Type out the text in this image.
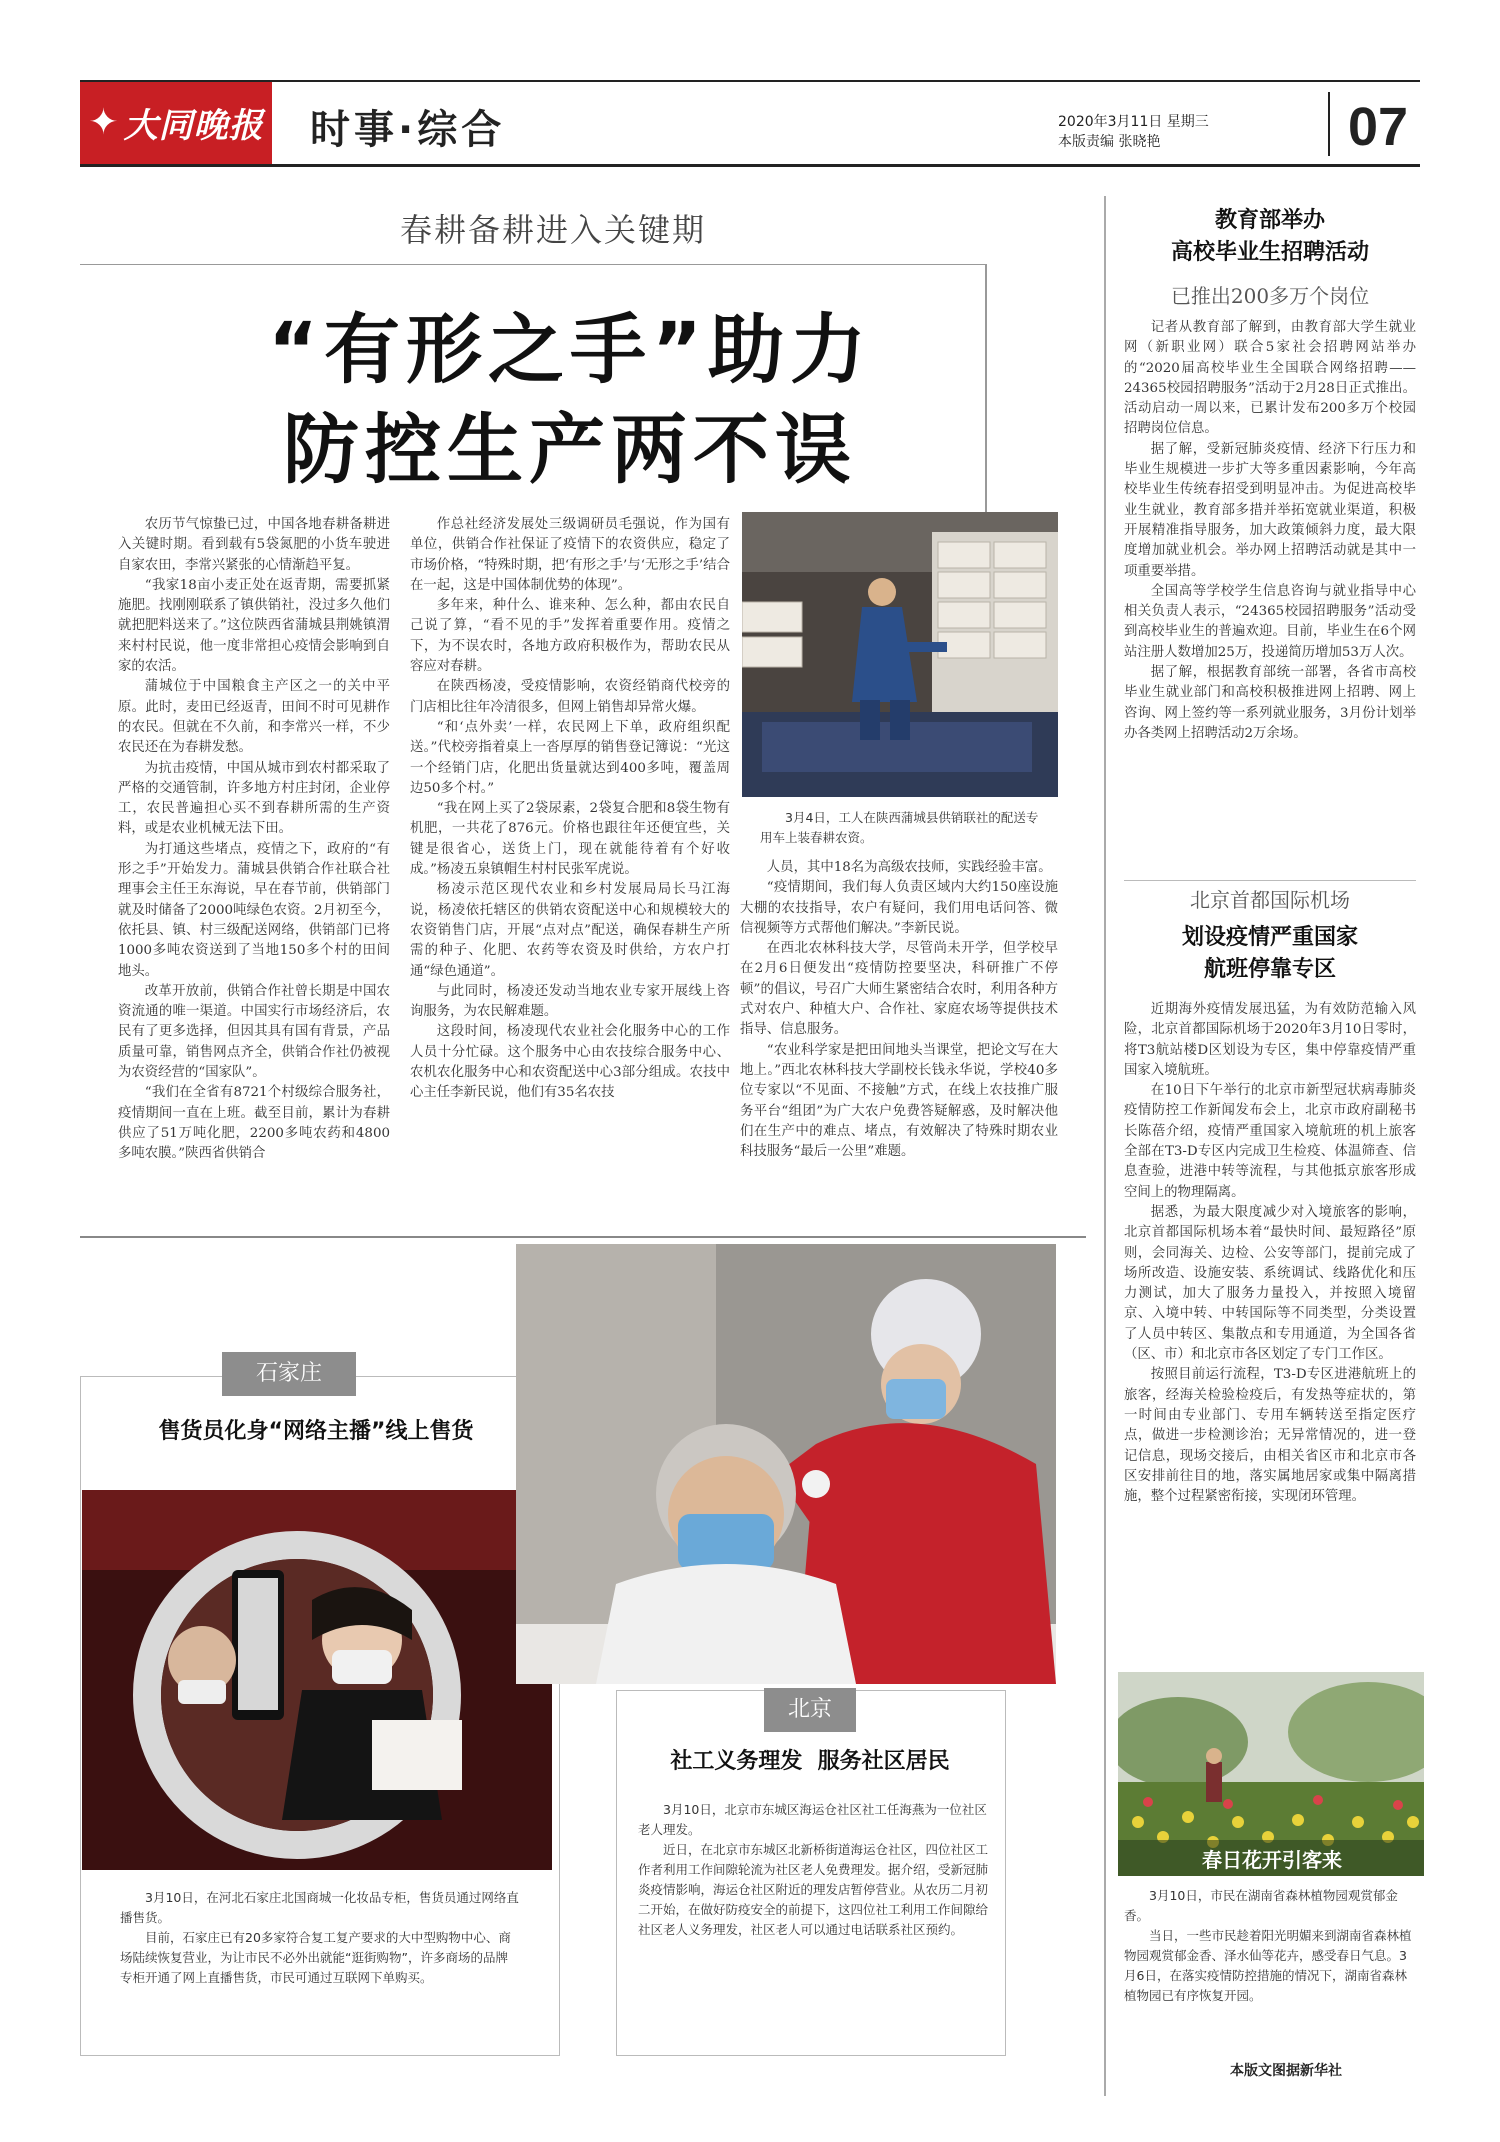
✦ 大同晚报 时事·综合	2020年3月11日 星期三
本版责编 张晓艳	07
春耕备耕进入关键期
“有形之手”助力
防控生产两不误

农历节气惊蛰已过，中国各地春耕备耕进入关键时期。看到载有5袋氮肥的小货车驶进自家农田，李常兴紧张的心情渐趋平复。

“我家18亩小麦正处在返青期，需要抓紧施肥。找刚刚联系了镇供销社，没过多久他们就把肥料送来了。”这位陕西省蒲城县荆姚镇渭来村村民说，他一度非常担心疫情会影响到自家的农活。

蒲城位于中国粮食主产区之一的关中平原。此时，麦田已经返青，田间不时可见耕作的农民。但就在不久前，和李常兴一样，不少农民还在为春耕发愁。

为抗击疫情，中国从城市到农村都采取了严格的交通管制，许多地方村庄封闭，企业停工，农民普遍担心买不到春耕所需的生产资料，或是农业机械无法下田。

为打通这些堵点，疫情之下，政府的“有形之手”开始发力。蒲城县供销合作社联合社理事会主任王东海说，早在春节前，供销部门就及时储备了2000吨绿色农资。2月初至今，依托县、镇、村三级配送网络，供销部门已将1000多吨农资送到了当地150多个村的田间地头。

改革开放前，供销合作社曾长期是中国农资流通的唯一渠道。中国实行市场经济后，农民有了更多选择，但因其具有国有背景，产品质量可靠，销售网点齐全，供销合作社仍被视为农资经营的“国家队”。

“我们在全省有8721个村级综合服务社，疫情期间一直在上班。截至目前，累计为春耕供应了51万吨化肥，2200多吨农药和4800多吨农膜。”陕西省供销合

作总社经济发展处三级调研员毛强说，作为国有单位，供销合作社保证了疫情下的农资供应，稳定了市场价格，“特殊时期，把‘有形之手’与‘无形之手’结合在一起，这是中国体制优势的体现”。

多年来，种什么、谁来种、怎么种，都由农民自己说了算，“看不见的手”发挥着重要作用。疫情之下，为不误农时，各地方政府积极作为，帮助农民从容应对春耕。

在陕西杨凌，受疫情影响，农资经销商代校旁的门店相比往年冷清很多，但网上销售却异常火爆。

“和‘点外卖’一样，农民网上下单，政府组织配送。”代校旁指着桌上一沓厚厚的销售登记簿说：“光这一个经销门店，化肥出货量就达到400多吨，覆盖周边50多个村。”

“我在网上买了2袋尿素，2袋复合肥和8袋生物有机肥，一共花了876元。价格也跟往年还便宜些，关键是很省心，送货上门，现在就能待着有个好收成。”杨凌五泉镇帽生村村民张军虎说。

杨凌示范区现代农业和乡村发展局局长马江海说，杨凌依托辖区的供销农资配送中心和规模较大的农资销售门店，开展“点对点”配送，确保春耕生产所需的种子、化肥、农药等农资及时供给，方农户打通“绿色通道”。

与此同时，杨凌还发动当地农业专家开展线上咨询服务，为农民解难题。

这段时间，杨凌现代农业社会化服务中心的工作人员十分忙碌。这个服务中心由农技综合服务中心、农机农化服务中心和农资配送中心3部分组成。农技中心主任李新民说，他们有35名农技

3月4日，工人在陕西蒲城县供销联社的配送专用车上装春耕农资。

人员，其中18名为高级农技师，实践经验丰富。

“疫情期间，我们每人负责区域内大约150座设施大棚的农技指导，农户有疑问，我们用电话问答、微信视频等方式帮他们解决。”李新民说。

在西北农林科技大学，尽管尚未开学，但学校早在2月6日便发出“疫情防控要坚决，科研推广不停顿”的倡议，号召广大师生紧密结合农时，利用各种方式对农户、种植大户、合作社、家庭农场等提供技术指导、信息服务。

“农业科学家是把田间地头当课堂，把论文写在大地上。”西北农林科技大学副校长钱永华说，学校40多位专家以“不见面、不接触”方式，在线上农技推广服务平台“组团”为广大农户免费答疑解惑，及时解决他们在生产中的难点、堵点，有效解决了特殊时期农业科技服务“最后一公里”难题。

教育部举办
高校毕业生招聘活动
已推出200多万个岗位

记者从教育部了解到，由教育部大学生就业网（新职业网）联合5家社会招聘网站举办的“2020届高校毕业生全国联合网络招聘——24365校园招聘服务”活动于2月28日正式推出。活动启动一周以来，已累计发布200多万个校园招聘岗位信息。

据了解，受新冠肺炎疫情、经济下行压力和毕业生规模进一步扩大等多重因素影响，今年高校毕业生传统春招受到明显冲击。为促进高校毕业生就业，教育部多措并举拓宽就业渠道，积极开展精准指导服务，加大政策倾斜力度，最大限度增加就业机会。举办网上招聘活动就是其中一项重要举措。

全国高等学校学生信息咨询与就业指导中心相关负责人表示，“24365校园招聘服务”活动受到高校毕业生的普遍欢迎。目前，毕业生在6个网站注册人数增加25万，投递简历增加53万人次。

据了解，根据教育部统一部署，各省市高校毕业生就业部门和高校积极推进网上招聘、网上咨询、网上签约等一系列就业服务，3月份计划举办各类网上招聘活动2万余场。

北京首都国际机场
划设疫情严重国家
航班停靠专区

近期海外疫情发展迅猛，为有效防范输入风险，北京首都国际机场于2020年3月10日零时，将T3航站楼D区划设为专区，集中停靠疫情严重国家入境航班。

在10日下午举行的北京市新型冠状病毒肺炎疫情防控工作新闻发布会上，北京市政府副秘书长陈蓓介绍，疫情严重国家入境航班的机上旅客全部在T3-D专区内完成卫生检疫、体温筛查、信息查验，进港中转等流程，与其他抵京旅客形成空间上的物理隔离。

据悉，为最大限度减少对入境旅客的影响，北京首都国际机场本着“最快时间、最短路径”原则，会同海关、边检、公安等部门，提前完成了场所改造、设施安装、系统调试、线路优化和压力测试，加大了服务力量投入，并按照入境留京、入境中转、中转国际等不同类型，分类设置了人员中转区、集散点和专用通道，为全国各省（区、市）和北京市各区划定了专门工作区。

按照目前运行流程，T3-D专区进港航班上的旅客，经海关检验检疫后，有发热等症状的，第一时间由专业部门、专用车辆转送至指定医疗点，做进一步检测诊治；无异常情况的，进一登记信息，现场交接后，由相关省区市和北京市各区安排前往目的地，落实属地居家或集中隔离措施，整个过程紧密衔接，实现闭环管理。

春日花开引客来

3月10日，市民在湖南省森林植物园观赏郁金香。

当日，一些市民趁着阳光明媚来到湖南省森林植物园观赏郁金香、泽水仙等花卉，感受春日气息。3月6日，在落实疫情防控措施的情况下，湖南省森林植物园已有序恢复开园。

本版文图据新华社
石家庄
售货员化身“网络主播”线上售货

3月10日，在河北石家庄北国商城一化妆品专柜，售货员通过网络直播售货。

目前，石家庄已有20多家符合复工复产要求的大中型购物中心、商场陆续恢复营业，为让市民不必外出就能“逛街购物”，许多商场的品牌专柜开通了网上直播售货，市民可通过互联网下单购买。

北京
社工义务理发  服务社区居民

3月10日，北京市东城区海运仓社区社工任海燕为一位社区老人理发。

近日，在北京市东城区北新桥街道海运仓社区，四位社区工作者利用工作间隙轮流为社区老人免费理发。据介绍，受新冠肺炎疫情影响，海运仓社区附近的理发店暂停营业。从农历二月初二开始，在做好防疫安全的前提下，这四位社工利用工作间隙给社区老人义务理发，社区老人可以通过电话联系社区预约。
